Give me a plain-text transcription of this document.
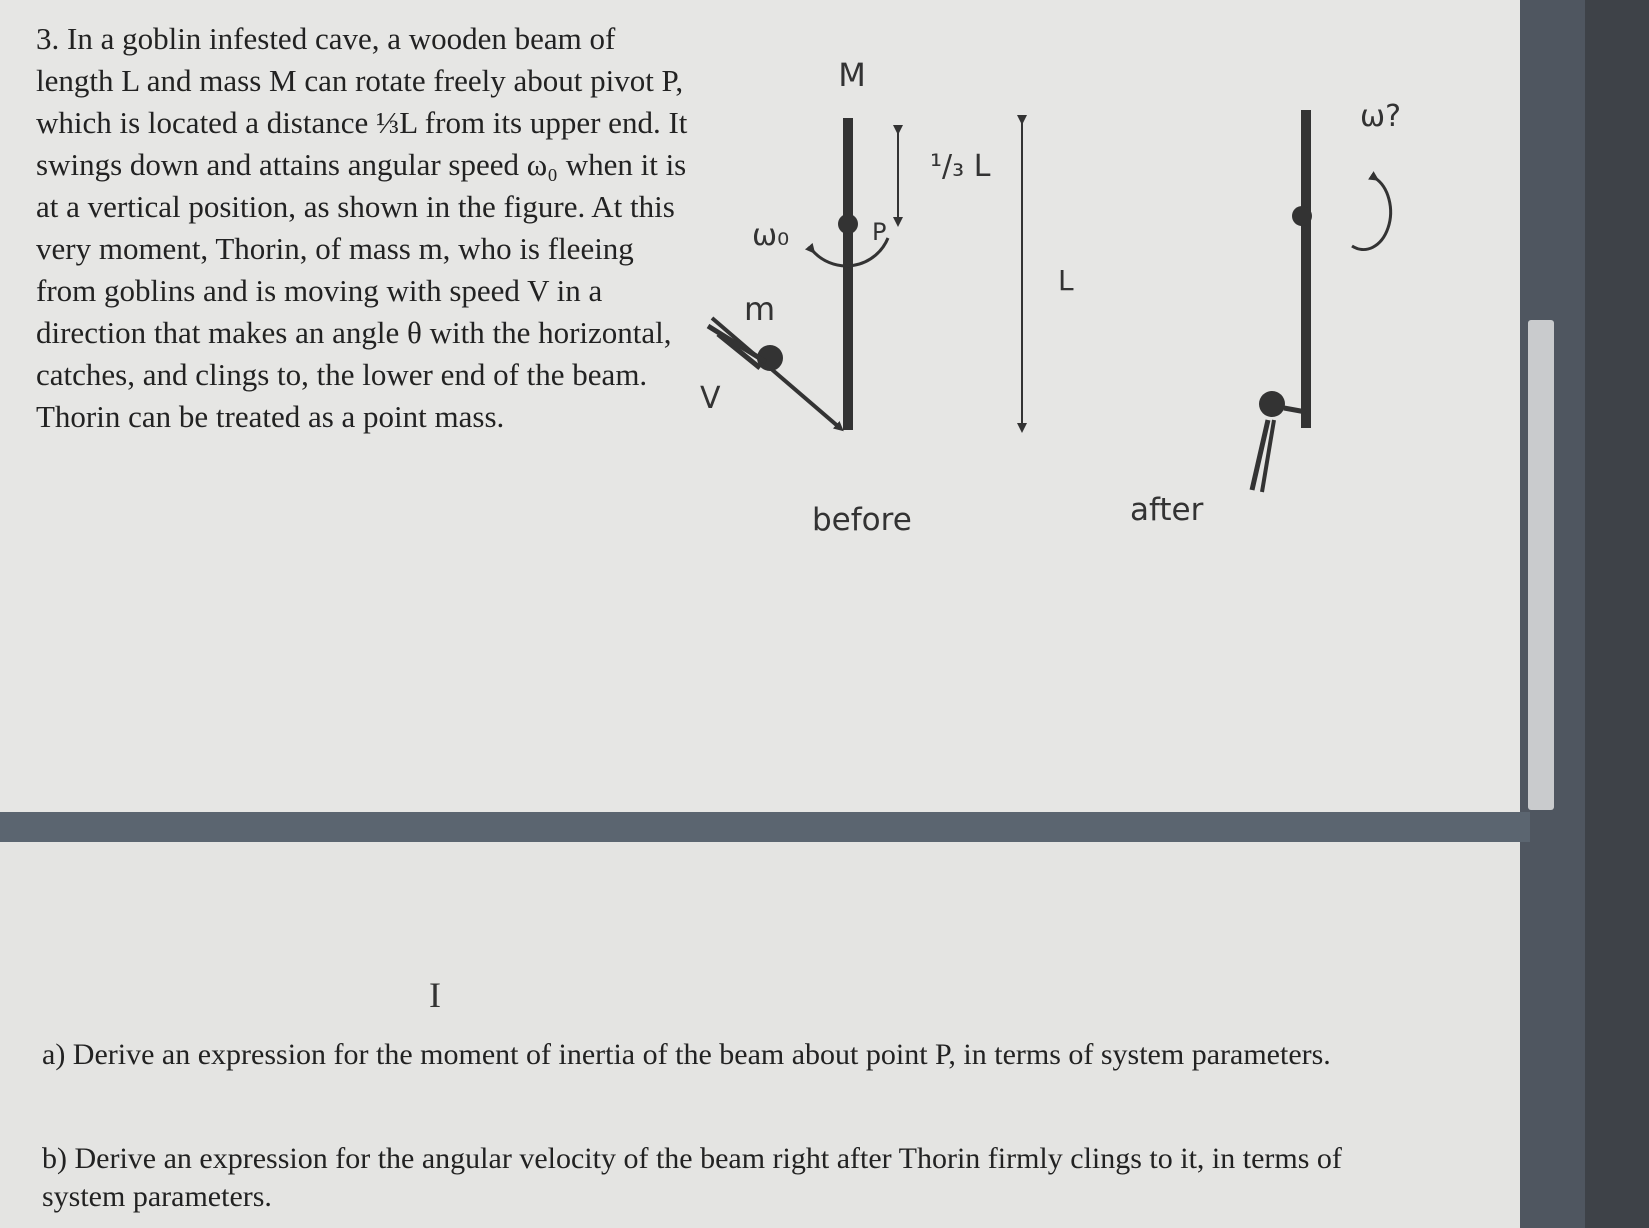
3. In a goblin infested cave, a wooden beam of length L and mass M can rotate freely about pivot P, which is located a distance ⅓L from its upper end. It swings down and attains angular speed ω₀ when it is at a vertical position, as shown in the figure. At this very moment, Thorin, of mass m, who is fleeing from goblins and is moving with speed V in a direction that makes an angle θ with the horizontal, catches, and clings to, the lower end of the beam. Thorin can be treated as a point mass.
M
¹/₃ L
L
ω₀	P
m
V
before	after
ω?
I
a) Derive an expression for the moment of inertia of the beam about point P, in terms of system parameters.
b) Derive an expression for the angular velocity of the beam right after Thorin firmly clings to it, in terms of system parameters.
